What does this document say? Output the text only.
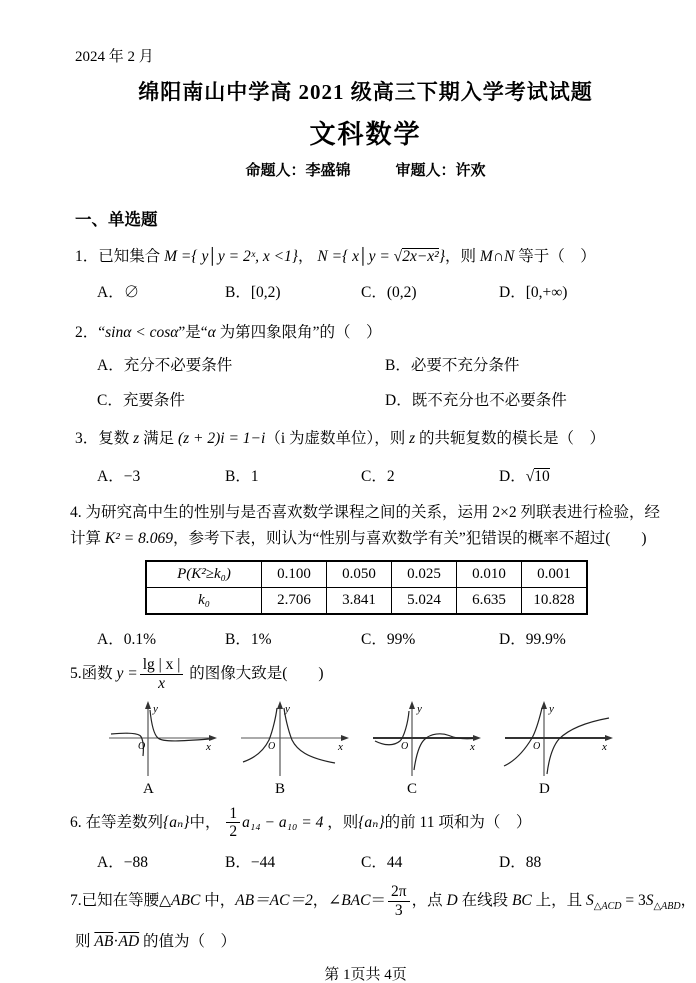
2024 年 2 月
绵阳南山中学高 2021 级高三下期入学考试试题
文科数学
命题人：李盛锦　　　审题人：许欢
一、单选题
1．已知集合 M ={ y│y = 2ˣ, x <1}， N ={ x│y = √ 2x−x²}，则 M∩N 等于（　）
A．∅	B．[0,2)	C．(0,2)	D．[0,+∞)
2．“sinα < cosα”是“α 为第四象限角”的（　）
A．充分不必要条件	B．必要不充分条件
C．充要条件	D．既不充分也不必要条件
3．复数 z 满足 (z + 2)i = 1−i（i 为虚数单位），则 z 的共轭复数的模长是（　）
A．−3	B．1	C．2	D． √ 10
4. 为研究高中生的性别与是否喜欢数学课程之间的关系，运用 2×2 列联表进行检验，经
计算 K² = 8.069，参考下表，则认为“性别与喜欢数学有关”犯错误的概率不超过(　　)
P(K²≥k₀)	0.100	0.050	0.025	0.010	0.001
k₀	2.706	3.841	5.024	6.635	10.828
A．0.1%	B．1%	C．99%	D．99.9%
5.函数 $y = \frac{\lg | x |}{x}$ 的图像大致是(　　)
y
x
O
A
y
x
O
B
y
x
O
C
y
x
O
D
6. 在等差数列{aₙ}中， $\frac{1}{2} a_{14} - a_{10} = 4$ ，则{aₙ}的前 11 项和为（　）
A．−88	B．−44	C．44	D．88
7.已知在等腰△ABC 中，AB＝AC＝2，∠BAC＝ $\frac{2\pi}{3}$ ，点 D 在线段 BC 上，且 $S_{\triangle ACD} = 3S_{\triangle ABD}$，
则 $\overline{AB}\cdot\overline{AD}$ 的值为（　）
第 1页共 4页
